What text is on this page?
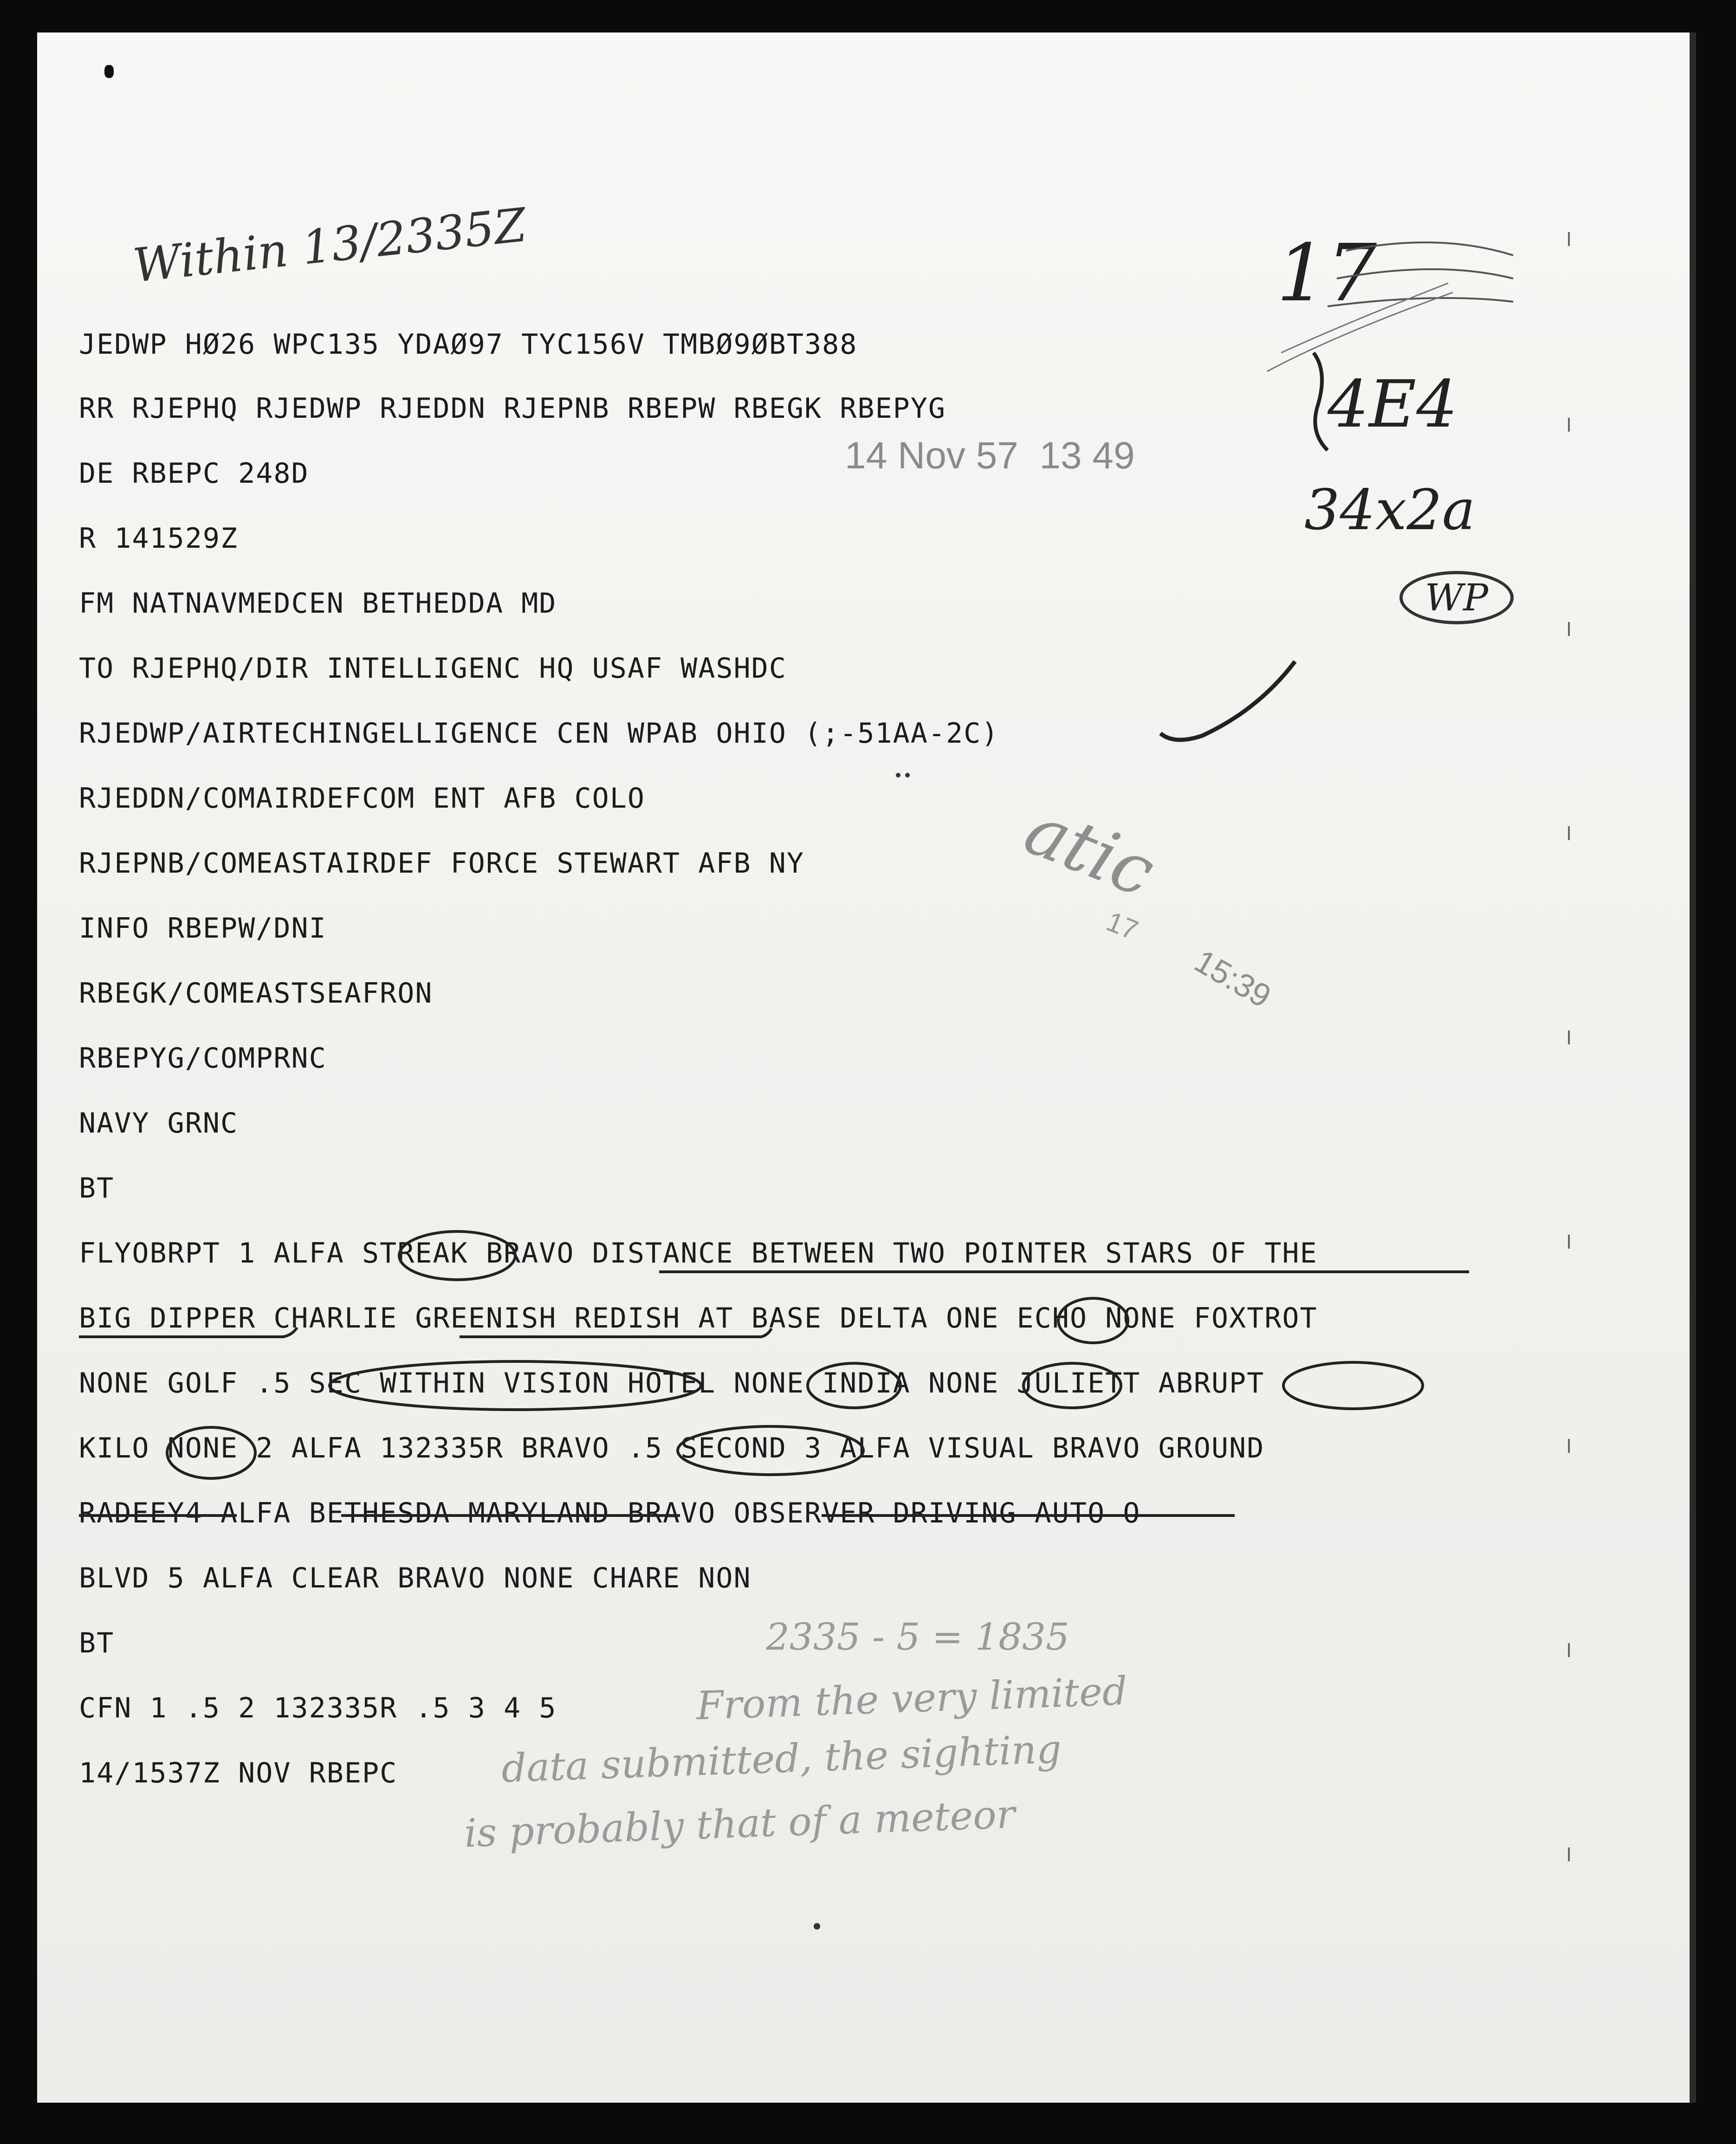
Within 13/2335Z	17
4E4
34x2a
WP
14 Nov 57  13 49
atic
17
15:39
JEDWP HØ26 WPC135 YDAØ97 TYC156V TMBØ9ØBT388
RR RJEPHQ RJEDWP RJEDDN RJEPNB RBEPW RBEGK RBEPYG
DE RBEPC 248D
R 141529Z
FM NATNAVMEDCEN BETHEDDA MD
TO RJEPHQ/DIR INTELLIGENC HQ USAF WASHDC
RJEDWP/AIRTECHINGELLIGENCE CEN WPAB OHIO (;-51AA-2C)
RJEDDN/COMAIRDEFCOM ENT AFB COLO
RJEPNB/COMEASTAIRDEF FORCE STEWART AFB NY
INFO RBEPW/DNI
RBEGK/COMEASTSEAFRON
RBEPYG/COMPRNC
NAVY GRNC
BT
FLYOBRPT 1 ALFA STREAK BRAVO DISTANCE BETWEEN TWO POINTER STARS OF THE
BIG DIPPER CHARLIE GREENISH REDISH AT BASE DELTA ONE ECHO NONE FOXTROT
NONE GOLF .5 SEC WITHIN VISION HOTEL NONE INDIA NONE JULIETT ABRUPT
KILO NONE 2 ALFA 132335R BRAVO .5 SECOND 3 ALFA VISUAL BRAVO GROUND
RADEEY4 ALFA BETHESDA MARYLAND BRAVO OBSERVER DRIVING AUTO O
BLVD 5 ALFA CLEAR BRAVO NONE CHARE NON
BT
CFN 1 .5 2 132335R .5 3 4 5
14/1537Z NOV RBEPC
2335 - 5 = 1835
From the very limited
data submitted, the sighting
is probably that of a meteor
